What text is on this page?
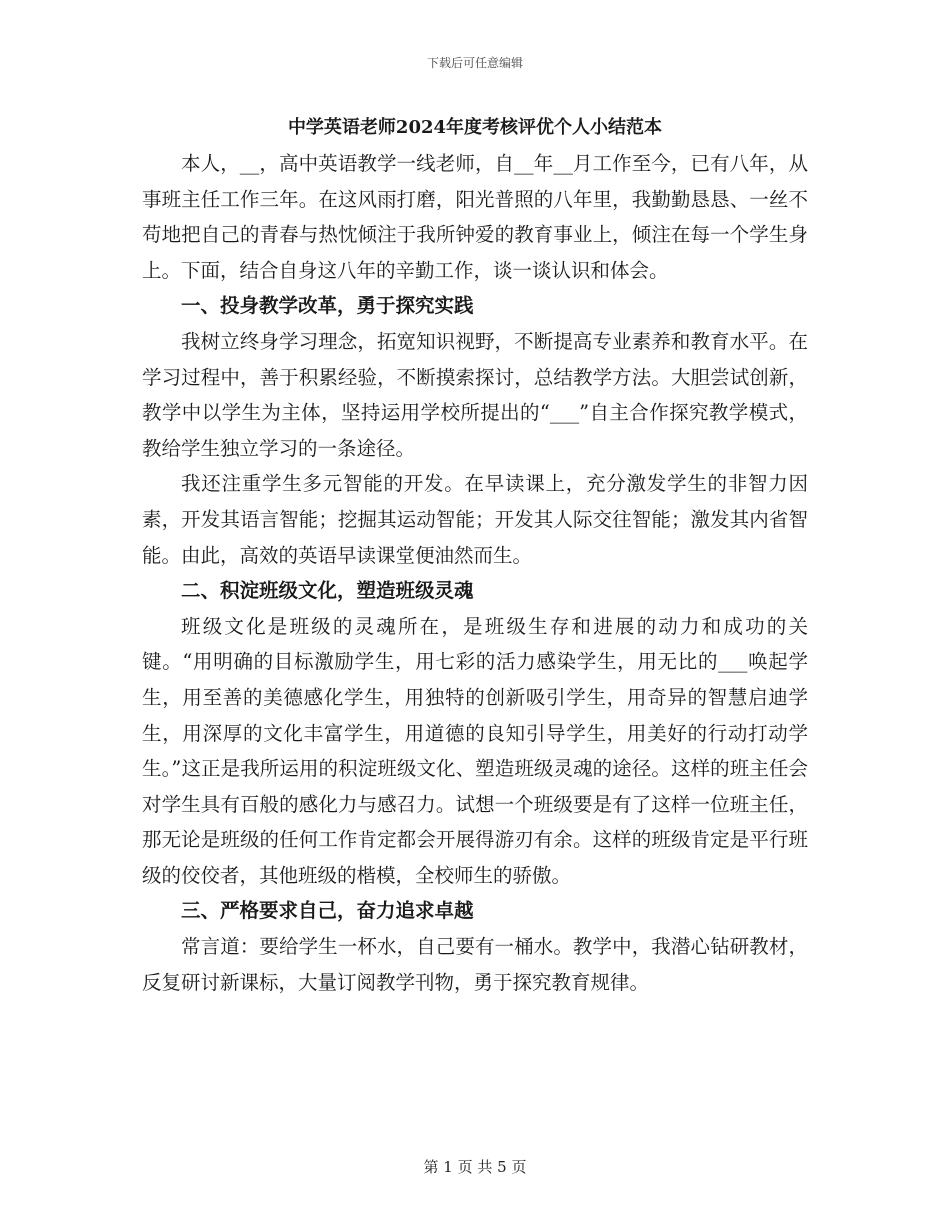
下载后可任意编辑
中学英语老师2024年度考核评优个人小结范本

本人，__，高中英语教学一线老师，自__年__月工作至今，已有八年，从事班主任工作三年。在这风雨打磨，阳光普照的八年里，我勤勤恳恳、一丝不苟地把自己的青春与热忱倾注于我所钟爱的教育事业上，倾注在每一个学生身上。下面，结合自身这八年的辛勤工作，谈一谈认识和体会。

一、投身教学改革，勇于探究实践

我树立终身学习理念，拓宽知识视野，不断提高专业素养和教育水平。在学习过程中，善于积累经验，不断摸索探讨，总结教学方法。大胆尝试创新，教学中以学生为主体，坚持运用学校所提出的“___”自主合作探究教学模式，教给学生独立学习的一条途径。

我还注重学生多元智能的开发。在早读课上，充分激发学生的非智力因素，开发其语言智能；挖掘其运动智能；开发其人际交往智能；激发其内省智能。由此，高效的英语早读课堂便油然而生。

二、积淀班级文化，塑造班级灵魂

班级文化是班级的灵魂所在，是班级生存和进展的动力和成功的关键。“用明确的目标激励学生，用七彩的活力感染学生，用无比的___唤起学生，用至善的美德感化学生，用独特的创新吸引学生，用奇异的智慧启迪学生，用深厚的文化丰富学生，用道德的良知引导学生，用美好的行动打动学生。”这正是我所运用的积淀班级文化、塑造班级灵魂的途径。这样的班主任会对学生具有百般的感化力与感召力。试想一个班级要是有了这样一位班主任，那无论是班级的任何工作肯定都会开展得游刃有余。这样的班级肯定是平行班级的佼佼者，其他班级的楷模，全校师生的骄傲。

三、严格要求自己，奋力追求卓越

常言道：要给学生一杯水，自己要有一桶水。教学中，我潜心钻研教材，反复研讨新课标，大量订阅教学刊物，勇于探究教育规律。

第 1 页 共 5 页
